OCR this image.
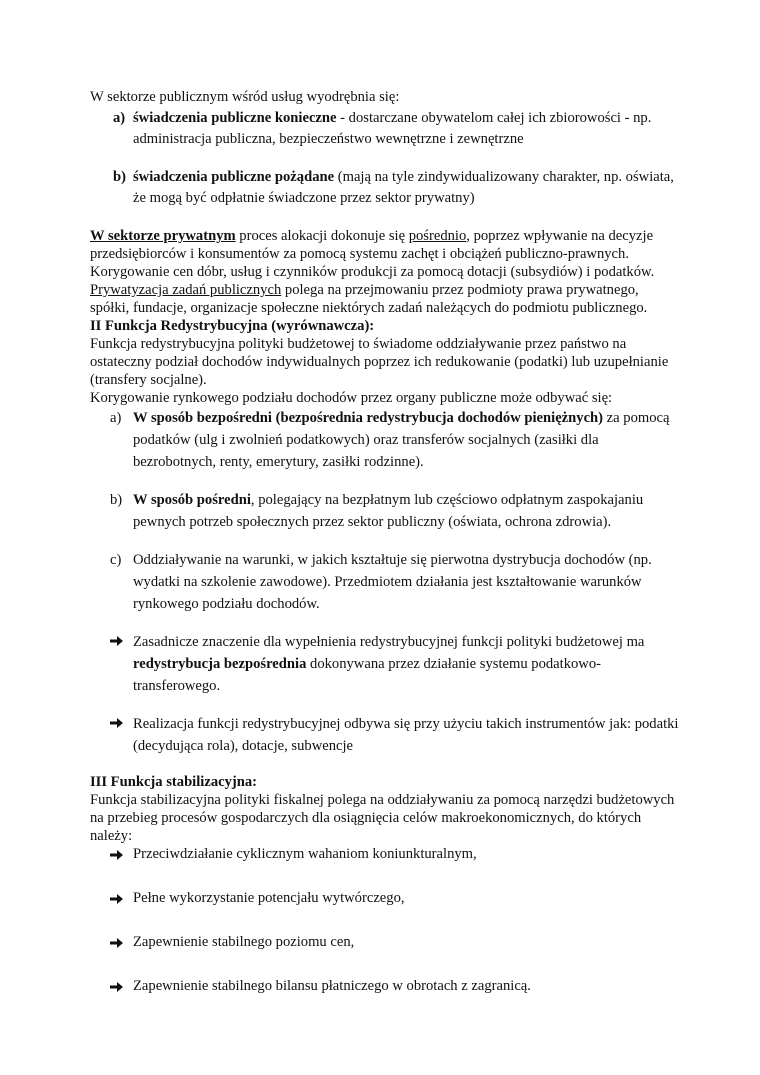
W sektorze publicznym wśród usług wyodrębnia się:

a) świadczenia publiczne konieczne - dostarczane obywatelom całej ich zbiorowości - np. administracja publiczna, bezpieczeństwo wewnętrzne i zewnętrzne
b) świadczenia publiczne pożądane (mają na tyle zindywidualizowany charakter, np. oświata, że mogą być odpłatnie świadczone przez sektor prywatny)

W sektorze prywatnym proces alokacji dokonuje się pośrednio, poprzez wpływanie na decyzje przedsiębiorców i konsumentów za pomocą systemu zachęt i obciążeń publiczno-prawnych. Korygowanie cen dóbr, usług i czynników produkcji za pomocą dotacji (subsydiów) i podatków.

Prywatyzacja zadań publicznych polega na przejmowaniu przez podmioty prawa prywatnego, spółki, fundacje, organizacje społeczne niektórych zadań należących do podmiotu publicznego.

II Funkcja Redystrybucyjna (wyrównawcza):

Funkcja redystrybucyjna polityki budżetowej to świadome oddziaływanie przez państwo na ostateczny podział dochodów indywidualnych poprzez ich redukowanie (podatki) lub uzupełnianie (transfery socjalne).

Korygowanie rynkowego podziału dochodów przez organy publiczne może odbywać się:

a) W sposób bezpośredni (bezpośrednia redystrybucja dochodów pieniężnych) za pomocą podatków (ulg i zwolnień podatkowych) oraz transferów socjalnych (zasiłki dla bezrobotnych, renty, emerytury, zasiłki rodzinne).
b) W sposób pośredni, polegający na bezpłatnym lub częściowo odpłatnym zaspokajaniu pewnych potrzeb społecznych przez sektor publiczny (oświata, ochrona zdrowia).
c) Oddziaływanie na warunki, w jakich kształtuje się pierwotna dystrybucja dochodów (np. wydatki na szkolenie zawodowe). Przedmiotem działania jest kształtowanie warunków rynkowego podziału dochodów.
Zasadnicze znaczenie dla wypełnienia redystrybucyjnej funkcji polityki budżetowej ma redystrybucja bezpośrednia dokonywana przez działanie systemu podatkowo-transferowego.
Realizacja funkcji redystrybucyjnej odbywa się przy użyciu takich instrumentów jak: podatki (decydująca rola), dotacje, subwencje

III Funkcja stabilizacyjna:

Funkcja stabilizacyjna polityki fiskalnej polega na oddziaływaniu za pomocą narzędzi budżetowych na przebieg procesów gospodarczych dla osiągnięcia celów makroekonomicznych, do których należy:

Przeciwdziałanie cyklicznym wahaniom koniunkturalnym,
Pełne wykorzystanie potencjału wytwórczego,
Zapewnienie stabilnego poziomu cen,
Zapewnienie stabilnego bilansu płatniczego w obrotach z zagranicą.
